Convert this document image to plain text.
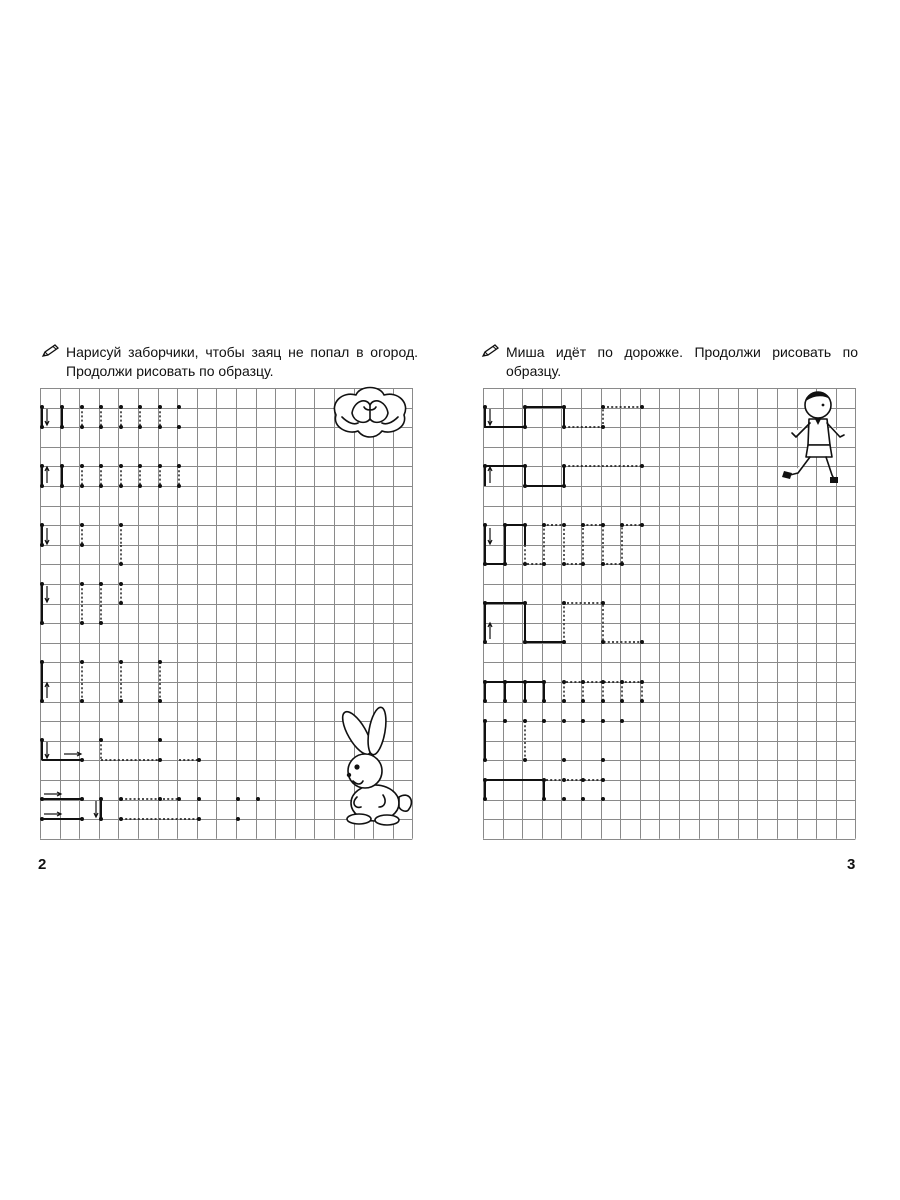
Нарисуй заборчики, чтобы заяц не попал в огород. Продолжи рисовать по образцу.
2
Миша идёт по дорожке. Продолжи рисовать по образцу.
3
